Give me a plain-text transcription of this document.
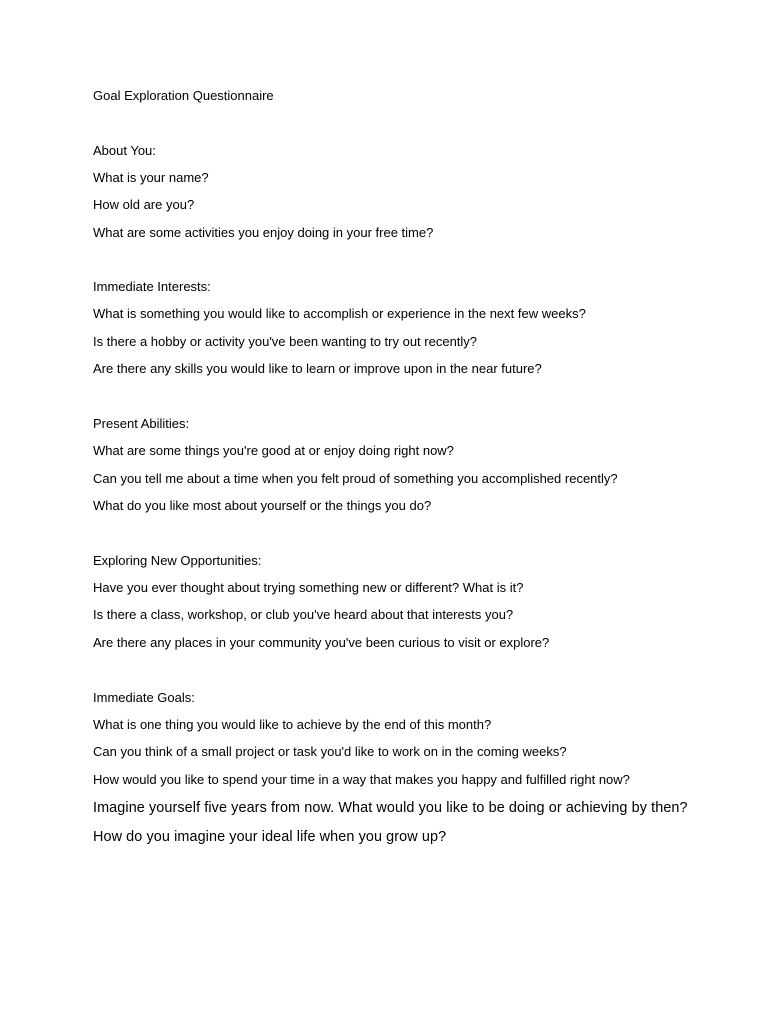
Goal Exploration Questionnaire
About You:
What is your name?
How old are you?
What are some activities you enjoy doing in your free time?
Immediate Interests:
What is something you would like to accomplish or experience in the next few weeks?
Is there a hobby or activity you've been wanting to try out recently?
Are there any skills you would like to learn or improve upon in the near future?
Present Abilities:
What are some things you're good at or enjoy doing right now?
Can you tell me about a time when you felt proud of something you accomplished recently?
What do you like most about yourself or the things you do?
Exploring New Opportunities:
Have you ever thought about trying something new or different? What is it?
Is there a class, workshop, or club you've heard about that interests you?
Are there any places in your community you've been curious to visit or explore?
Immediate Goals:
What is one thing you would like to achieve by the end of this month?
Can you think of a small project or task you'd like to work on in the coming weeks?
How would you like to spend your time in a way that makes you happy and fulfilled right now?
Imagine yourself five years from now. What would you like to be doing or achieving by then?
How do you imagine your ideal life when you grow up?
